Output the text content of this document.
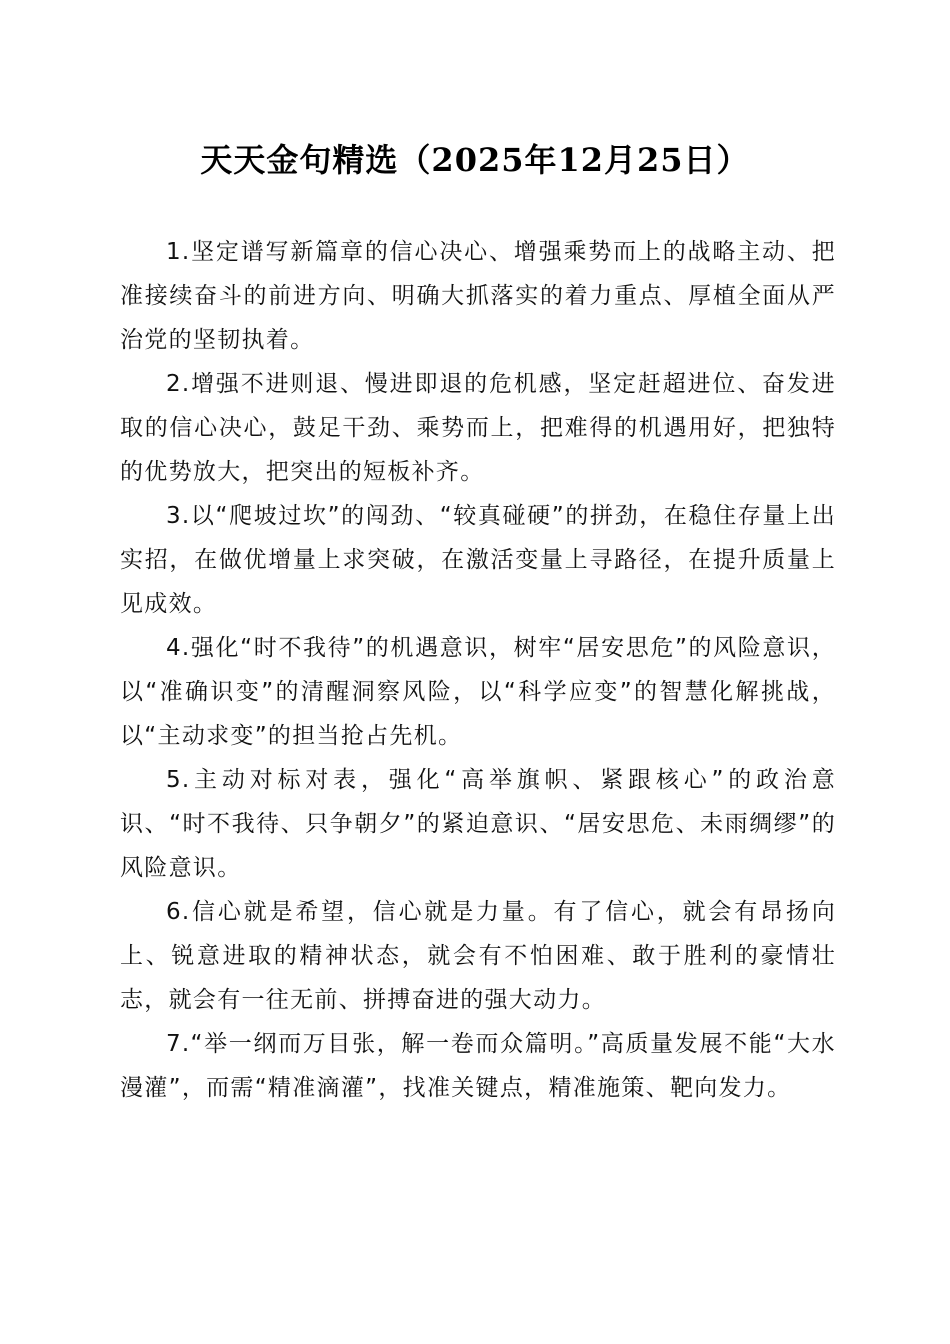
天天金句精选（2025年12月25日）

1.坚定谱写新篇章的信心决心、增强乘势而上的战略主动、把准接续奋斗的前进方向、明确大抓落实的着力重点、厚植全面从严治党的坚韧执着。

2.增强不进则退、慢进即退的危机感，坚定赶超进位、奋发进取的信心决心，鼓足干劲、乘势而上，把难得的机遇用好，把独特的优势放大，把突出的短板补齐。

3.以“爬坡过坎”的闯劲、“较真碰硬”的拼劲，在稳住存量上出实招，在做优增量上求突破，在激活变量上寻路径，在提升质量上见成效。

4.强化“时不我待”的机遇意识，树牢“居安思危”的风险意识，以“准确识变”的清醒洞察风险，以“科学应变”的智慧化解挑战，以“主动求变”的担当抢占先机。

5.主动对标对表，强化“高举旗帜、紧跟核心”的政治意识、“时不我待、只争朝夕”的紧迫意识、“居安思危、未雨绸缪”的风险意识。

6.信心就是希望，信心就是力量。有了信心，就会有昂扬向上、锐意进取的精神状态，就会有不怕困难、敢于胜利的豪情壮志，就会有一往无前、拼搏奋进的强大动力。

7.“举一纲而万目张，解一卷而众篇明。”高质量发展不能“大水漫灌”，而需“精准滴灌”，找准关键点，精准施策、靶向发力。
